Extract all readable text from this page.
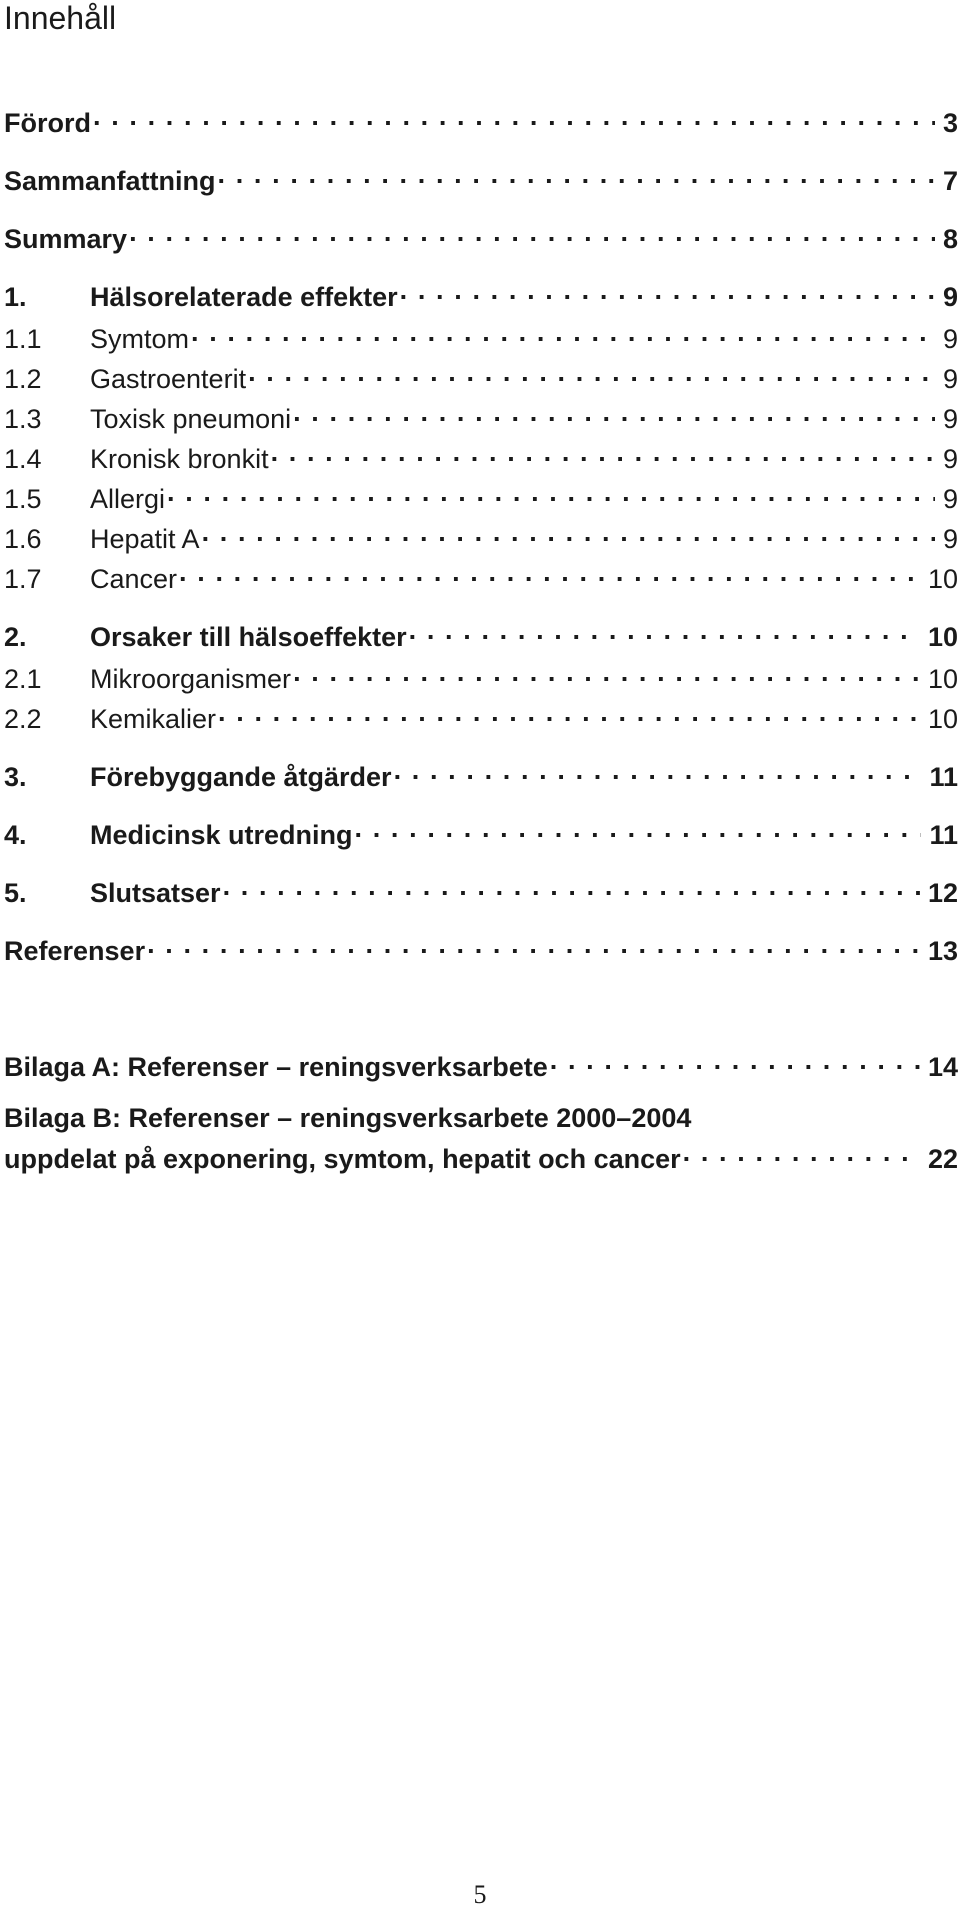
Innehåll
Förord . . .	3
Sammanfattning . . .	7
Summary . . .	8
1.	Hälsorelaterade effekter . . .	9
1.1	Symtom . . .	9
1.2	Gastroenterit . . .	9
1.3	Toxisk pneumoni . . .	9
1.4	Kronisk bronkit . . .	9
1.5	Allergi . . .	9
1.6	Hepatit A . . .	9
1.7	Cancer . . .	10
2.	Orsaker till hälsoeffekter . . .	10
2.1	Mikroorganismer . . .	10
2.2	Kemikalier . . .	10
3.	Förebyggande åtgärder . . .	11
4.	Medicinsk utredning . . .	11
5.	Slutsatser . . .	12
Referenser . . .	13
Bilaga A: Referenser – reningsverksarbete . . .	14
Bilaga B: Referenser – reningsverksarbete 2000–2004
uppdelat på exponering, symtom, hepatit och cancer . . .	22
5
